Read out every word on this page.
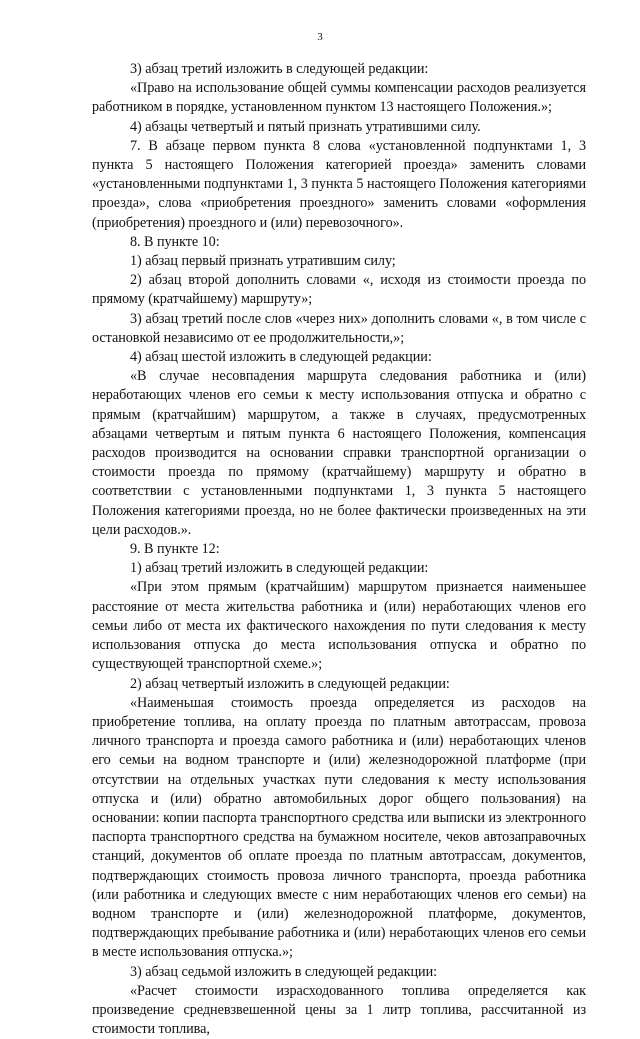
3

3) абзац третий изложить в следующей редакции:

«Право на использование общей суммы компенсации расходов реализуется работником в порядке, установленном пунктом 13 настоящего Положения.»;

4) абзацы четвертый и пятый признать утратившими силу.

7. В абзаце первом пункта 8 слова «установленной подпунктами 1, 3 пункта 5 настоящего Положения категорией проезда» заменить словами «установленными подпунктами 1, 3 пункта 5 настоящего Положения категориями проезда», слова «приобретения проездного» заменить словами «оформления (приобретения) проездного и (или) перевозочного».

8. В пункте 10:

1) абзац первый признать утратившим силу;

2) абзац второй дополнить словами «, исходя из стоимости проезда по прямому (кратчайшему) маршруту»;

3) абзац третий после слов «через них» дополнить словами «, в том числе с остановкой независимо от ее продолжительности,»;

4) абзац шестой изложить в следующей редакции:

«В случае несовпадения маршрута следования работника и (или) неработающих членов его семьи к месту использования отпуска и обратно с прямым (кратчайшим) маршрутом, а также в случаях, предусмотренных абзацами четвертым и пятым пункта 6 настоящего Положения, компенсация расходов производится на основании справки транспортной организации о стоимости проезда по прямому (кратчайшему) маршруту и обратно в соответствии с установленными подпунктами 1, 3 пункта 5 настоящего Положения категориями проезда, но не более фактически произведенных на эти цели расходов.».

9. В пункте 12:

1) абзац третий изложить в следующей редакции:

«При этом прямым (кратчайшим) маршрутом признается наименьшее расстояние от места жительства работника и (или) неработающих членов его семьи либо от места их фактического нахождения по пути следования к месту использования отпуска до места использования отпуска и обратно по существующей транспортной схеме.»;

2) абзац четвертый изложить в следующей редакции:

«Наименьшая стоимость проезда определяется из расходов на приобретение топлива, на оплату проезда по платным автотрассам, провоза личного транспорта и проезда самого работника и (или) неработающих членов его семьи на водном транспорте и (или) железнодорожной платформе (при отсутствии на отдельных участках пути следования к месту использования отпуска и (или) обратно автомобильных дорог общего пользования) на основании: копии паспорта транспортного средства или выписки из электронного паспорта транспортного средства на бумажном носителе, чеков автозаправочных станций, документов об оплате проезда по платным автотрассам, документов, подтверждающих стоимость провоза личного транспорта, проезда работника (или работника и следующих вместе с ним неработающих членов его семьи) на водном транспорте и (или) железнодорожной платформе, документов, подтверждающих пребывание работника и (или) неработающих членов его семьи в месте использования отпуска.»;

3) абзац седьмой изложить в следующей редакции:

«Расчет стоимости израсходованного топлива определяется как произведение средневзвешенной цены за 1 литр топлива, рассчитанной из стоимости топлива,
